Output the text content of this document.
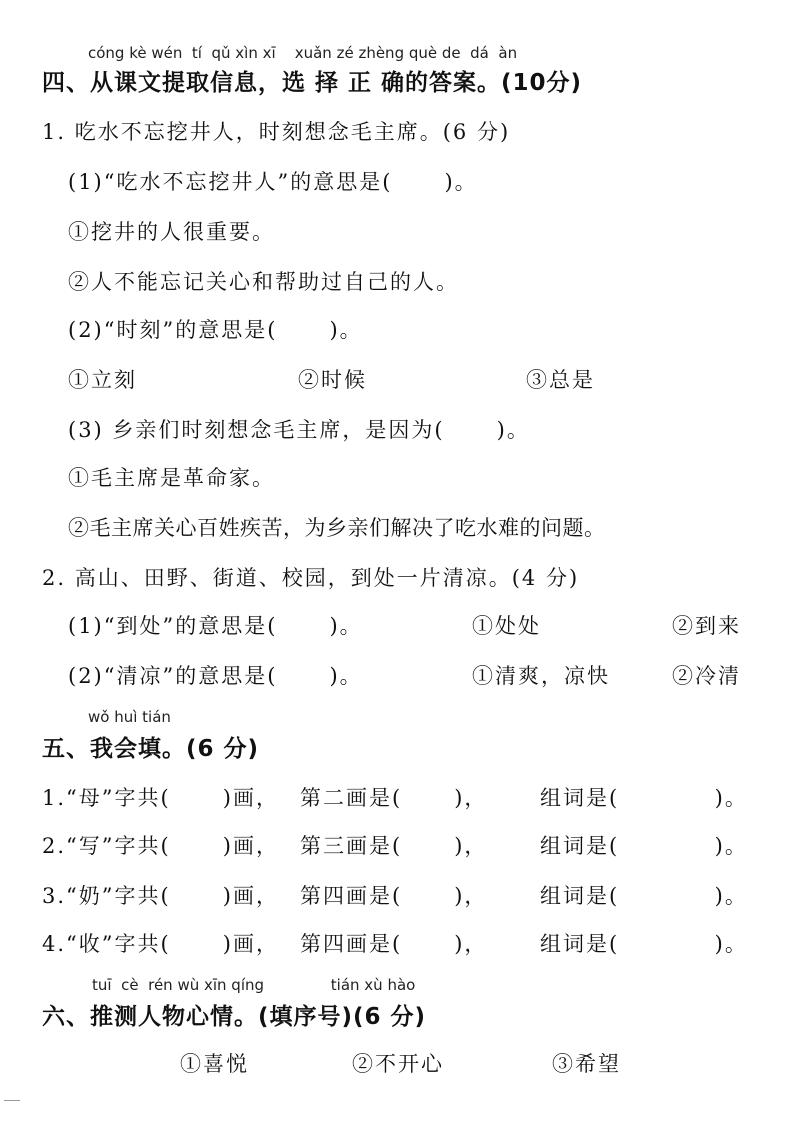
cóng kè wén  tí  qǔ xìn xī    xuǎn zé zhèng què de  dá  àn
四、从课文提取信息，选 择 正 确的答案。(10分)
1. 吃水不忘挖井人，时刻想念毛主席。(6 分)
(1)“吃水不忘挖井人”的意思是(      )。
①挖井的人很重要。
②人不能忘记关心和帮助过自己的人。
(2)“时刻”的意思是(      )。
①立刻	②时候	③总是
(3) 乡亲们时刻想念毛主席，是因为(      )。
①毛主席是革命家。
②毛主席关心百姓疾苦，为乡亲们解决了吃水难的问题。
2. 高山、田野、街道、校园，到处一片清凉。(4 分)
(1)“到处”的意思是(      )。	①处处	②到来
(2)“清凉”的意思是(      )。	①清爽，凉快	②冷清
wǒ huì tián
五、我会填。(6 分)
1.“母”字共(      )画， 第二画是(      )，	组词是(           )。
2.“写”字共(      )画， 第三画是(      )，	组词是(           )。
3.“奶”字共(      )画， 第四画是(      )，	组词是(           )。
4.“收”字共(      )画， 第四画是(      )，	组词是(           )。
tuī  cè  rén wù xīn qíng              tián xù hào
六、推测人物心情。(填序号)(6 分)
①喜悦	②不开心	③希望
